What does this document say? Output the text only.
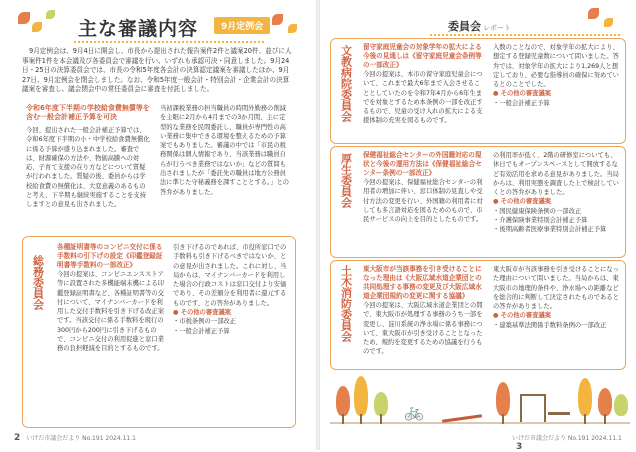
主な審議内容	9月定例会

9月定例会は、9月4日に開会し、市長から提出された報告案件2件と議案20件、並びに人事案件1件を本会議及び各委員会で審議を行い、いずれも承認可決・同意しました。9月24日・25日の決算委員会では、市長の令和5年度各会計の決算認定議案を審議したほか、9月27日、9月定例会を閉会しました。なお、令和5年度一般会計・特別会計・企業会計の決算議案を審査し、議会閉会中の常任委員会に審査を付託しました。

令和6年度下半期の学校給食費無償等を含む一般会計補正予算を可決

今回、提出された一般会計補正予算では、令和6年度下半期の小・中学校給食費無償化に係る予算が盛り込まれました。審査では、財源確保の方法や、物価高騰への対応、子育て支援の在り方などについて質疑が行われました。質疑の後、委員からは学校給食費の無償化は、大変意義のあるものと考え、下半期も継続実施することを支持しますとの意見も出されました。

当初課税業務の担当職員の時間外勤務の削減を主眼に2月から4月までの3か月間、主に定型的な業務を民間委託し、職員が専門性の高い業務に集中できる環境を整えるための予算案でもありました。審議の中では「市民の税務関係は個人情報であり、当該業務は職員自らが行うべき業務ではないか」などの質問も出されましたが「委託先の職員は地方公務員法に準じた守秘義務を課すこととする。」との答弁がありました。

総務委員会

各種証明書等のコンビニ交付に係る手数料の引下げの設定《印鑑登録証明書等手数料の一部改正》

今回の提案は、コンビニエンスストア等に設置された多機能端末機による印鑑登録証明書など、各種証明書等の交付について、マイナンバーカードを利用した交付手数料を引き下げる改正案です。当該交付に係る手数料を現行の300円から200円に引き下げるもので、コンビニ交付の利用促進と窓口業務の負担軽減を目的とするものです。

引き下げるのであれば、市役所窓口での手数料も引き下げるべきではないか、との意見が出されました。これに対し、当局からは、マイナンバーカードを利用した場合の行政コストは窓口交付より安価であり、その差額分を利用者に還元するものです、との答弁がありました。

● その他の審査議案

・市税条例の一部改正

・一般会計補正予算

2 いけだ市議会だより No.191 2024.11.1
委員会 レポート
文教病院委員会	留守家庭児童会の対象学年の拡大による今後の見通しは《留守家庭児童会条例等の一部改正》

今回の提案は、本市の留守家庭児童会について、これまで最大6年まで入会させることとしていたのを令和7年4月から6年生までを対象とするため本条例の一部を改正するもので、児童の受け入れの拡大による支援体制の充実を図るものです。

入数のことなので、対象学年の拡大により、想定する登録児童数について問いました。答弁では、対象学年の拡大により1,269人と想定しており、必要な指導員の確保に努めているとのことでした。

● その他の審査議案

・一般会計補正予算

厚生委員会	保健福祉総合センターの外国籍対応の現状と今後の運用方法は《保健福祉総合センター条例の一部改正》

今回の提案は、保健福祉総合センターの利用者の増加に伴い、窓口体制の見直しや受付方法の変更を行い、外国籍の利用者に対しても多言語対応を図るためのもので、市民サービスの向上を目的としたものです。

の利用率が低く、2階の研修室についても、休日でもオープンスペースとして開放するなど有効活用を求める意見がありました。当局からは、利用実態を調査した上で検討していくとの答弁がありました。

● その他の審査議案

・国民健康保険条例の一部改正

・介護保険事業特別会計補正予算

・後期高齢者医療事業特別会計補正予算

土木消防委員会	東大阪市が当該事務を引き受けることになった理由は《大阪広域水道企業団との共同処理する事務の変更及び大阪広域水道企業団規約の変更に関する協議》

今回の提案は、大阪広域水道企業団との間で、東大阪市が処理する事務のうち一部を変更し、淀川系統の浄水場に係る事務について、東大阪市が引き受けることとなったため、規約を変更するための協議を行うものです。

東大阪市が当該事務を引き受けることになった理由について問いました。当局からは、東大阪市の地理的条件や、浄水場への距離などを総合的に判断して決定されたものであるとの答弁がありました。

● その他の審査議案

・建築基準法関係手数料条例の一部改正

🚲
いけだ市議会だより No.191 2024.11.1 3
